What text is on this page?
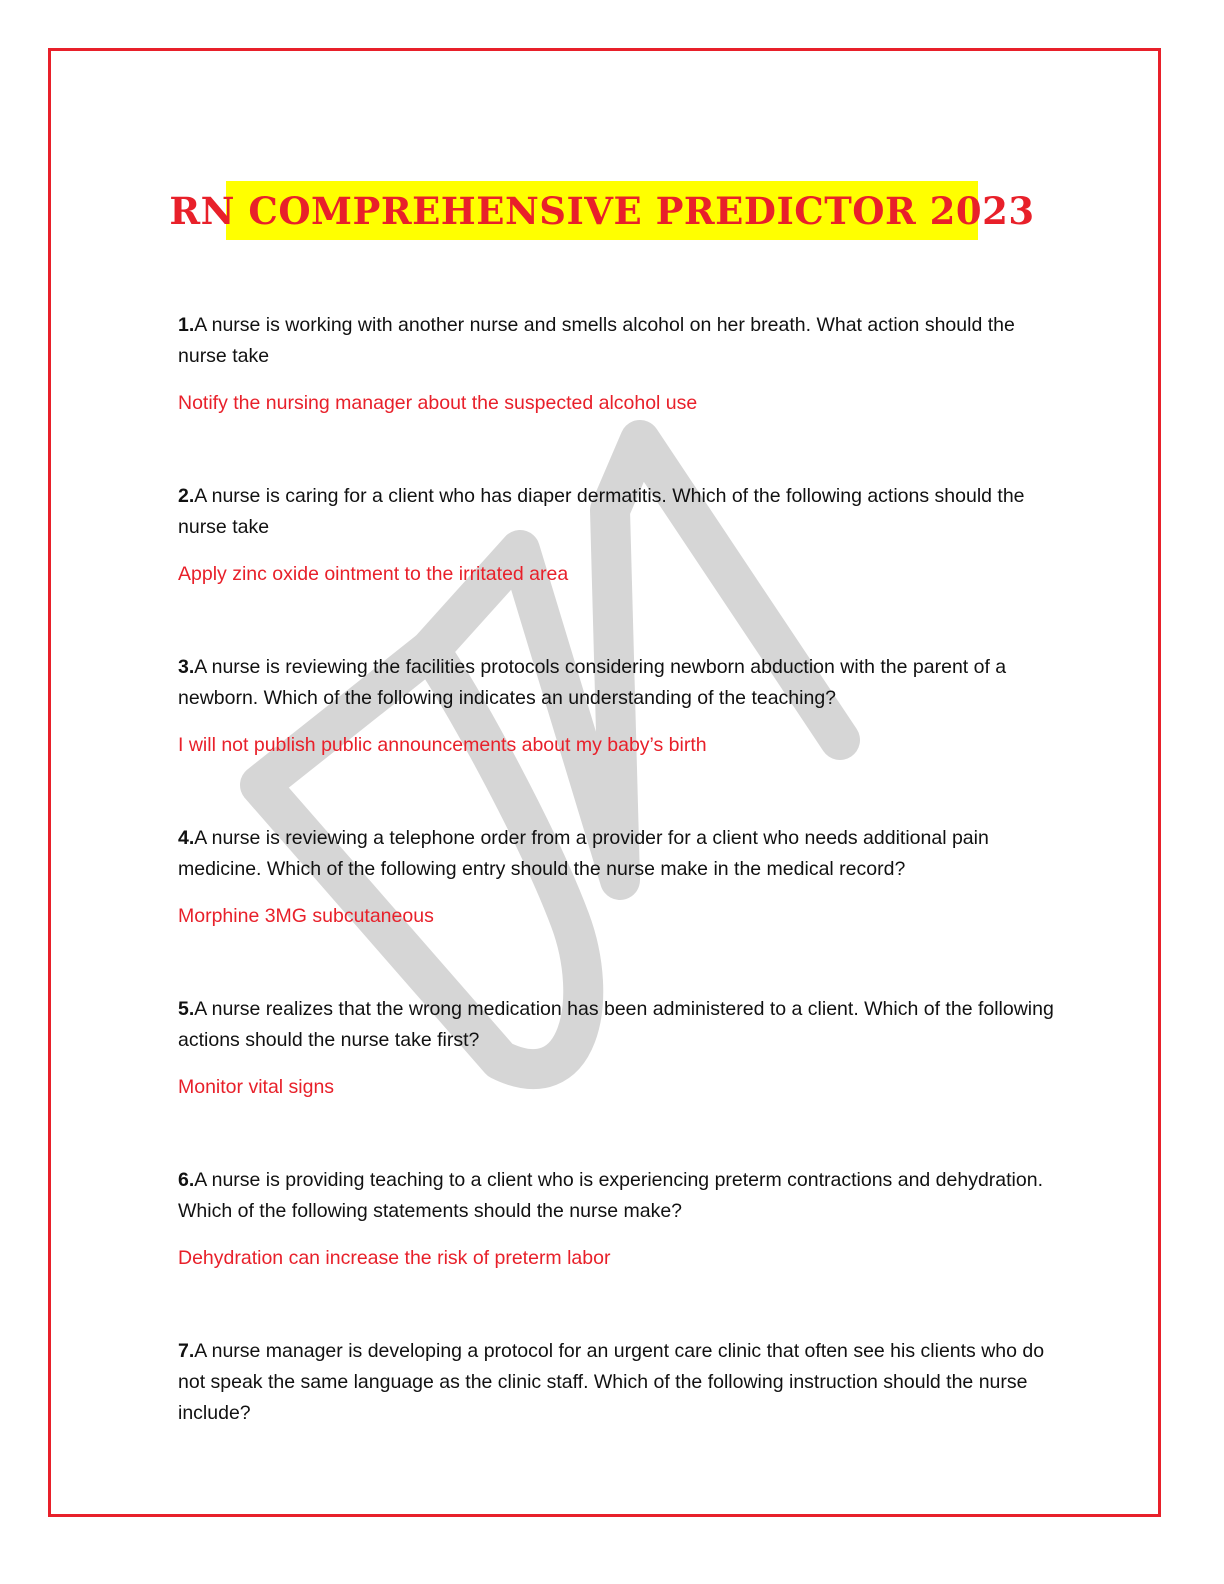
RN COMPREHENSIVE PREDICTOR 2023

1.A nurse is working with another nurse and smells alcohol on her breath. What action should the nurse take

Notify the nursing manager about the suspected alcohol use

2.A nurse is caring for a client who has diaper dermatitis. Which of the following actions should the nurse take

Apply zinc oxide ointment to the irritated area

3.A nurse is reviewing the facilities protocols considering newborn abduction with the parent of a newborn. Which of the following indicates an understanding of the teaching?

I will not publish public announcements about my baby’s birth

4.A nurse is reviewing a telephone order from a provider for a client who needs additional pain medicine. Which of the following entry should the nurse make in the medical record?

Morphine 3MG subcutaneous

5.A nurse realizes that the wrong medication has been administered to a client. Which of the following actions should the nurse take first?

Monitor vital signs

6.A nurse is providing teaching to a client who is experiencing preterm contractions and dehydration. Which of the following statements should the nurse make?

Dehydration can increase the risk of preterm labor

7.A nurse manager is developing a protocol for an urgent care clinic that often see his clients who do not speak the same language as the clinic staff. Which of the following instruction should the nurse include?
